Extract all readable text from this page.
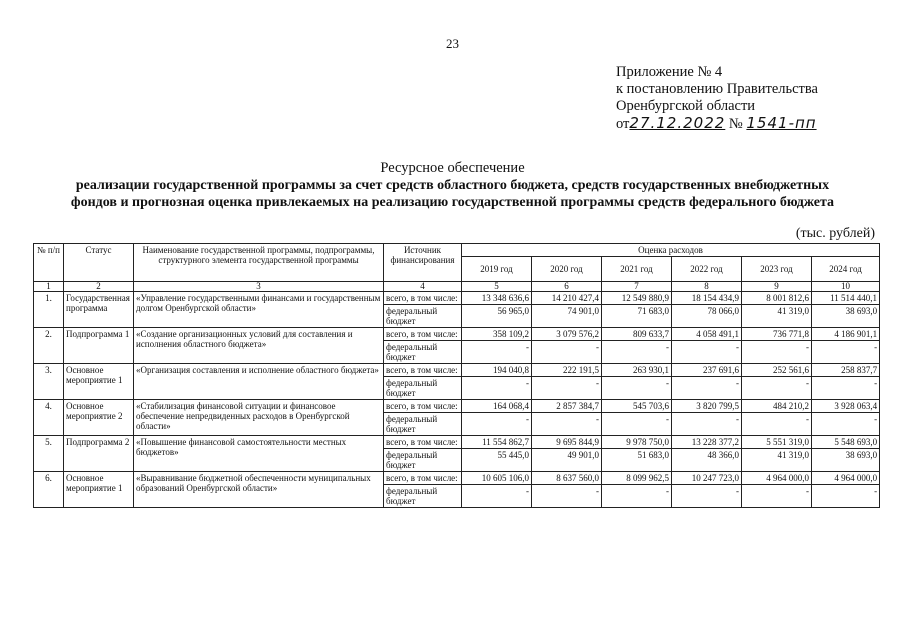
23
Приложение № 4
к постановлению Правительства
Оренбургской области
от27.12.2022 № 1541-пп
Ресурсное обеспечение
реализации государственной программы за счет средств областного бюджета, средств государственных внебюджетных
фондов и прогнозная оценка привлекаемых на реализацию государственной программы средств федерального бюджета
(тыс. рублей)
№ п/п	Статус	Наименование государственной программы, подпрограммы, структурного элемента государственной программы	Источник финансирования	Оценка расходов					
				2019 год	2020 год	2021 год	2022 год	2023 год	2024 год
1	2	3	4	5	6	7	8	9	10
1.	Государственная программа	«Управление государственными финансами и государственным долгом Оренбургской области»	всего, в том числе:	13 348 636,6	14 210 427,4	12 549 880,9	18 154 434,9	8 001 812,6	11 514 440,1
			федеральный бюджет	56 965,0	74 901,0	71 683,0	78 066,0	41 319,0	38 693,0
2.	Подпрограмма 1	«Создание организационных условий для составления и исполнения областного бюджета»	всего, в том числе:	358 109,2	3 079 576,2	809 633,7	4 058 491,1	736 771,8	4 186 901,1
			федеральный бюджет	-	-	-	-	-	-
3.	Основное мероприятие 1	«Организация составления и исполнение областного бюджета»	всего, в том числе:	194 040,8	222 191,5	263 930,1	237 691,6	252 561,6	258 837,7
			федеральный бюджет	-	-	-	-	-	-
4.	Основное мероприятие 2	«Стабилизация финансовой ситуации и финансовое обеспечение непредвиденных расходов в Оренбургской области»	всего, в том числе:	164 068,4	2 857 384,7	545 703,6	3 820 799,5	484 210,2	3 928 063,4
			федеральный бюджет	-	-	-	-	-	-
5.	Подпрограмма 2	«Повышение финансовой самостоятельности местных бюджетов»	всего, в том числе:	11 554 862,7	9 695 844,9	9 978 750,0	13 228 377,2	5 551 319,0	5 548 693,0
			федеральный бюджет	55 445,0	49 901,0	51 683,0	48 366,0	41 319,0	38 693,0
6.	Основное мероприятие 1	«Выравнивание бюджетной обеспеченности муниципальных образований Оренбургской области»	всего, в том числе:	10 605 106,0	8 637 560,0	8 099 962,5	10 247 723,0	4 964 000,0	4 964 000,0
			федеральный бюджет	-	-	-	-	-	-
